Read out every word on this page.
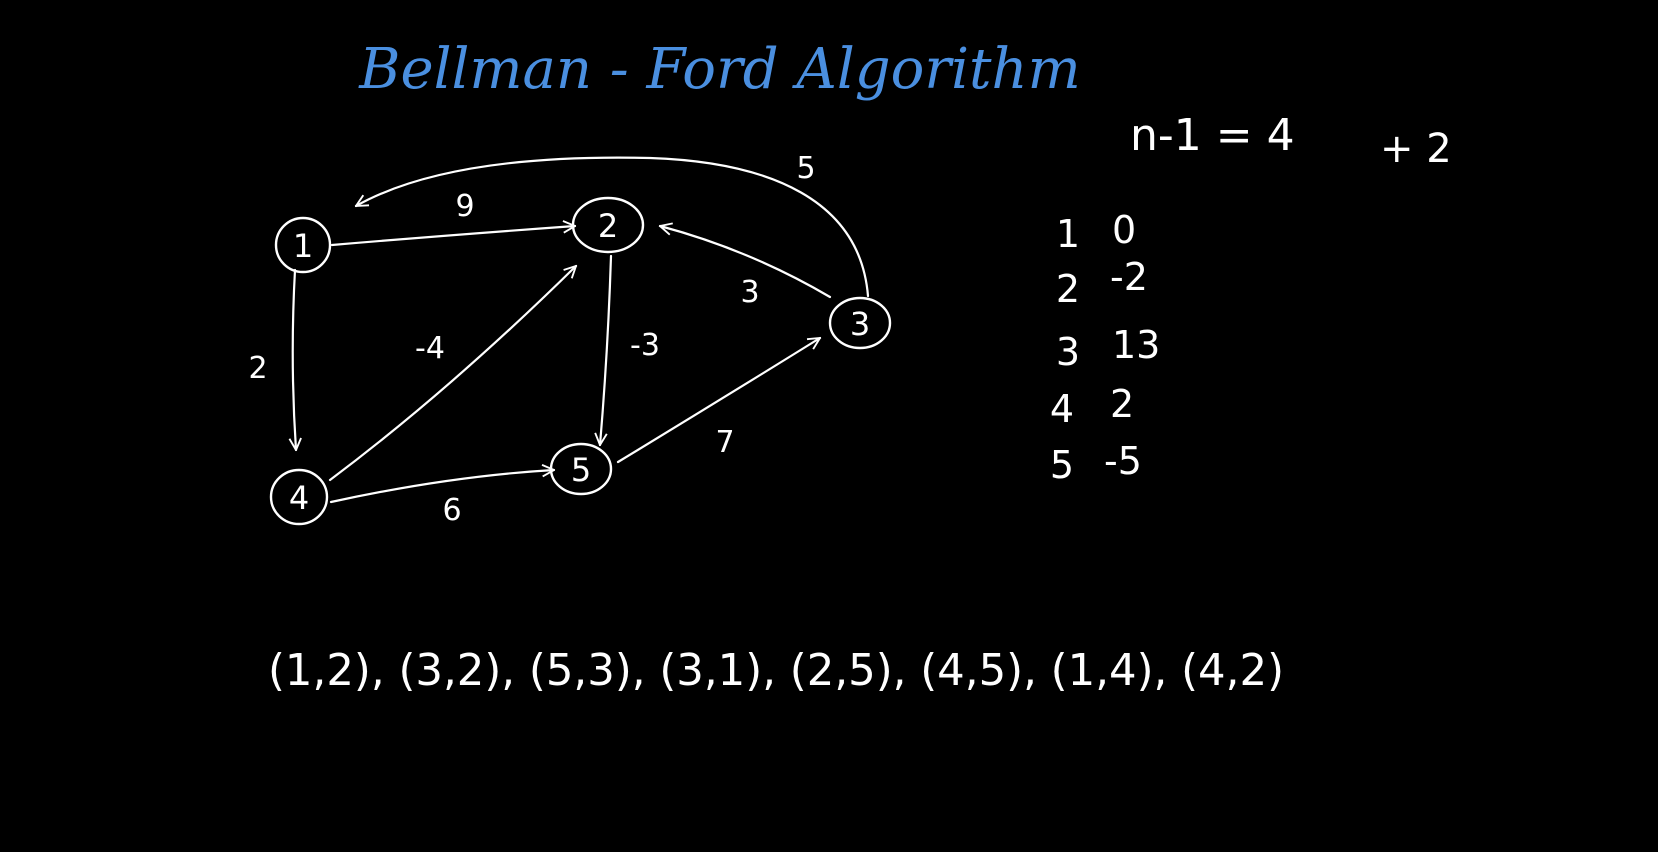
Bellman - Ford Algorithm
n-1 = 4 + 2
9
5
2
-4	-3
3
7
6
1
2
3
4
5
1 0
2 -2
3 13
4 2
5 -5
(1,2), (3,2), (5,3), (3,1), (2,5), (4,5), (1,4), (4,2)
